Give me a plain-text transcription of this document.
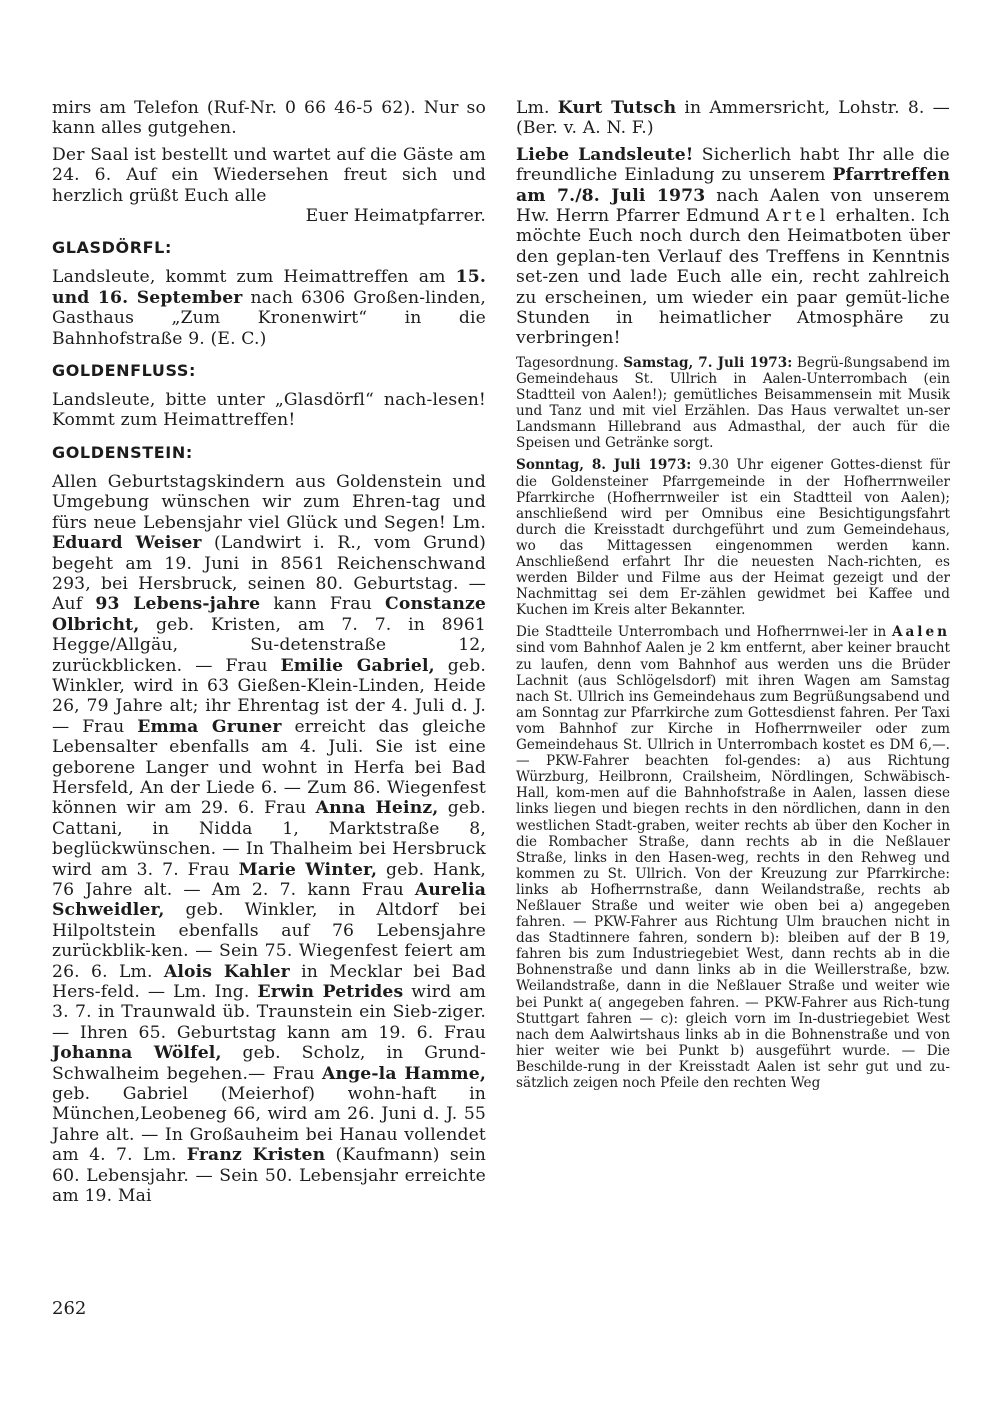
mirs am Telefon (Ruf-Nr. 0 66 46-5 62). Nur so kann alles gutgehen.

Der Saal ist bestellt und wartet auf die Gäste am 24. 6. Auf ein Wiedersehen freut sich und herzlich grüßt Euch alle

Euer Heimatpfarrer.

GLASDÖRFL:

Landsleute, kommt zum Heimattreffen am 15. und 16. September nach 6306 Großen-linden, Gasthaus „Zum Kronenwirt“ in die Bahnhofstraße 9. (E. C.)

GOLDENFLUSS:

Landsleute, bitte unter „Glasdörfl“ nach-lesen! Kommt zum Heimattreffen!

GOLDENSTEIN:

Allen Geburtstagskindern aus Goldenstein und Umgebung wünschen wir zum Ehren-tag und fürs neue Lebensjahr viel Glück und Segen! Lm. Eduard Weiser (Landwirt i. R., vom Grund) begeht am 19. Juni in 8561 Reichenschwand 293, bei Hersbruck, seinen 80. Geburtstag. — Auf 93 Lebens-jahre kann Frau Constanze Olbricht, geb. Kristen, am 7. 7. in 8961 Hegge/Allgäu, Su-detenstraße 12, zurückblicken. — Frau Emilie Gabriel, geb. Winkler, wird in 63 Gießen-Klein-Linden, Heide 26, 79 Jahre alt; ihr Ehrentag ist der 4. Juli d. J. — Frau Emma Gruner erreicht das gleiche Lebensalter ebenfalls am 4. Juli. Sie ist eine geborene Langer und wohnt in Herfa bei Bad Hersfeld, An der Liede 6. — Zum 86. Wiegenfest können wir am 29. 6. Frau Anna Heinz, geb. Cattani, in Nidda 1, Marktstraße 8, beglückwünschen. — In Thalheim bei Hersbruck wird am 3. 7. Frau Marie Winter, geb. Hank, 76 Jahre alt. — Am 2. 7. kann Frau Aurelia Schweidler, geb. Winkler, in Altdorf bei Hilpoltstein ebenfalls auf 76 Lebensjahre zurückblik-ken. — Sein 75. Wiegenfest feiert am 26. 6. Lm. Alois Kahler in Mecklar bei Bad Hers-feld. — Lm. Ing. Erwin Petrides wird am 3. 7. in Traunwald üb. Traunstein ein Sieb-ziger. — Ihren 65. Geburtstag kann am 19. 6. Frau Johanna Wölfel, geb. Scholz, in Grund-Schwalheim begehen.— Frau Ange-la Hamme, geb. Gabriel (Meierhof) wohn-haft in München,Leobeneg 66, wird am 26. Juni d. J. 55 Jahre alt. — In Großauheim bei Hanau vollendet am 4. 7. Lm. Franz Kristen (Kaufmann) sein 60. Lebensjahr. — Sein 50. Lebensjahr erreichte am 19. Mai

Lm. Kurt Tutsch in Ammersricht, Lohstr. 8. — (Ber. v. A. N. F.)

Liebe Landsleute! Sicherlich habt Ihr alle die freundliche Einladung zu unserem Pfarrtreffen am 7./8. Juli 1973 nach Aalen von unserem Hw. Herrn Pfarrer Edmund Artel erhalten. Ich möchte Euch noch durch den Heimatboten über den geplan-ten Verlauf des Treffens in Kenntnis set-zen und lade Euch alle ein, recht zahlreich zu erscheinen, um wieder ein paar gemüt-liche Stunden in heimatlicher Atmosphäre zu verbringen!

Tagesordnung. Samstag, 7. Juli 1973: Begrü-ßungsabend im Gemeindehaus St. Ullrich in Aalen-Unterrombach (ein Stadtteil von Aalen!); gemütliches Beisammensein mit Musik und Tanz und mit viel Erzählen. Das Haus verwaltet un-ser Landsmann Hillebrand aus Admasthal, der auch für die Speisen und Getränke sorgt.

Sonntag, 8. Juli 1973: 9.30 Uhr eigener Gottes-dienst für die Goldensteiner Pfarrgemeinde in der Hofherrnweiler Pfarrkirche (Hofherrnweiler ist ein Stadtteil von Aalen); anschließend wird per Omnibus eine Besichtigungsfahrt durch die Kreisstadt durchgeführt und zum Gemeindehaus, wo das Mittagessen eingenommen werden kann. Anschließend erfahrt Ihr die neuesten Nach-richten, es werden Bilder und Filme aus der Heimat gezeigt und der Nachmittag sei dem Er-zählen gewidmet bei Kaffee und Kuchen im Kreis alter Bekannter.

Die Stadtteile Unterrombach und Hofherrnwei-ler in Aalen sind vom Bahnhof Aalen je 2 km entfernt, aber keiner braucht zu laufen, denn vom Bahnhof aus werden uns die Brüder Lachnit (aus Schlögelsdorf) mit ihren Wagen am Samstag nach St. Ullrich ins Gemeindehaus zum Begrüßungsabend und am Sonntag zur Pfarrkirche zum Gottesdienst fahren. Per Taxi vom Bahnhof zur Kirche in Hofherrnweiler oder zum Gemeindehaus St. Ullrich in Unterrombach kostet es DM 6,—. — PKW-Fahrer beachten fol-gendes: a) aus Richtung Würzburg, Heilbronn, Crailsheim, Nördlingen, Schwäbisch-Hall, kom-men auf die Bahnhofstraße in Aalen, lassen diese links liegen und biegen rechts in den nördlichen, dann in den westlichen Stadt-graben, weiter rechts ab über den Kocher in die Rombacher Straße, dann rechts ab in die Neßlauer Straße, links in den Hasen-weg, rechts in den Rehweg und kommen zu St. Ullrich. Von der Kreuzung zur Pfarrkirche: links ab Hofherrnstraße, dann Weilandstraße, rechts ab Neßlauer Straße und weiter wie oben bei a) angegeben fahren. — PKW-Fahrer aus Richtung Ulm brauchen nicht in das Stadtinnere fahren, sondern b): bleiben auf der B 19, fahren bis zum Industriegebiet West, dann rechts ab in die Bohnenstraße und dann links ab in die Weillerstraße, bzw. Weilandstraße, dann in die Neßlauer Straße und weiter wie bei Punkt a( angegeben fahren. — PKW-Fahrer aus Rich-tung Stuttgart fahren — c): gleich vorn im In-dustriegebiet West nach dem Aalwirtshaus links ab in die Bohnenstraße und von hier weiter wie bei Punkt b) ausgeführt wurde. — Die Beschilde-rung in der Kreisstadt Aalen ist sehr gut und zu-sätzlich zeigen noch Pfeile den rechten Weg

262
